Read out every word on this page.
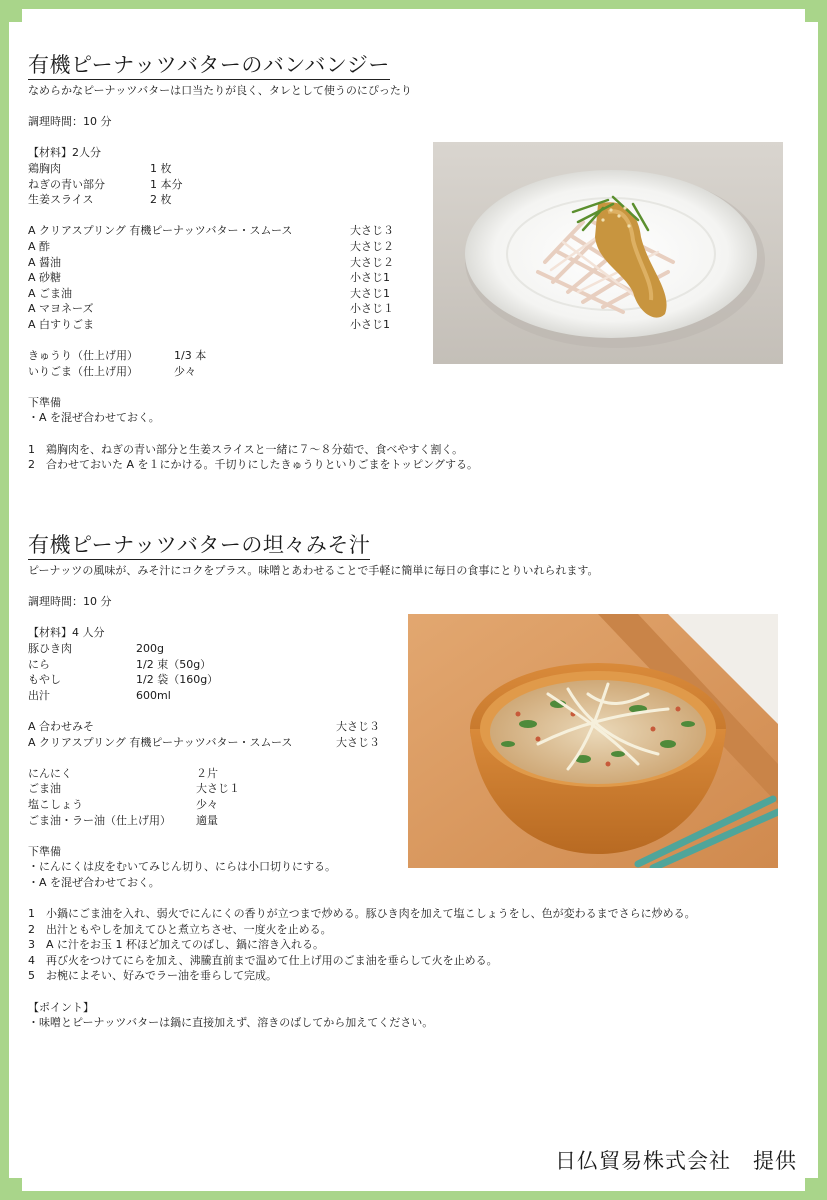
有機ピーナッツバターのバンバンジー

なめらかなピーナッツバターは口当たりが良く、タレとして使うのにぴったり

調理時間：10 分

【材料】2人分

鶏胸肉	1 枚
ねぎの青い部分	1 本分
生姜スライス	2 枚
A クリアスプリング 有機ピーナッツバター・スムース	大さじ３
A 酢	大さじ２
A 醤油	大さじ２
A 砂糖	小さじ1
A ごま油	大さじ1
A マヨネーズ	小さじ１
A 白すりごま	小さじ1
きゅうり（仕上げ用）	1/3 本
いりごま（仕上げ用）	少々

下準備

・A を混ぜ合わせておく。
1　鶏胸肉を、ねぎの青い部分と生姜スライスと一緒に７～８分茹で、食べやすく割く。
2　合わせておいた A を１にかける。千切りにしたきゅうりといりごまをトッピングする。
有機ピーナッツバターの坦々みそ汁

ピーナッツの風味が、みそ汁にコクをプラス。味噌とあわせることで手軽に簡単に毎日の食事にとりいれられます。

調理時間：10 分

【材料】4 人分

豚ひき肉	200g
にら	1/2 束（50g）
もやし	1/2 袋（160g）
出汁	600ml
A 合わせみそ	大さじ３
A クリアスプリング 有機ピーナッツバター・スムース	大さじ３
にんにく	２片
ごま油	大さじ１
塩こしょう	少々
ごま油・ラー油（仕上げ用）	適量

下準備

・にんにくは皮をむいてみじん切り、にらは小口切りにする。
・A を混ぜ合わせておく。
1　小鍋にごま油を入れ、弱火でにんにくの香りが立つまで炒める。豚ひき肉を加えて塩こしょうをし、色が変わるまでさらに炒める。
2　出汁ともやしを加えてひと煮立ちさせ、一度火を止める。
3　A に汁をお玉 1 杯ほど加えてのばし、鍋に溶き入れる。
4　再び火をつけてにらを加え、沸騰直前まで温めて仕上げ用のごま油を垂らして火を止める。
5　お椀によそい、好みでラー油を垂らして完成。

【ポイント】

・味噌とピーナッツバターは鍋に直接加えず、溶きのばしてから加えてください。
日仏貿易株式会社　提供
